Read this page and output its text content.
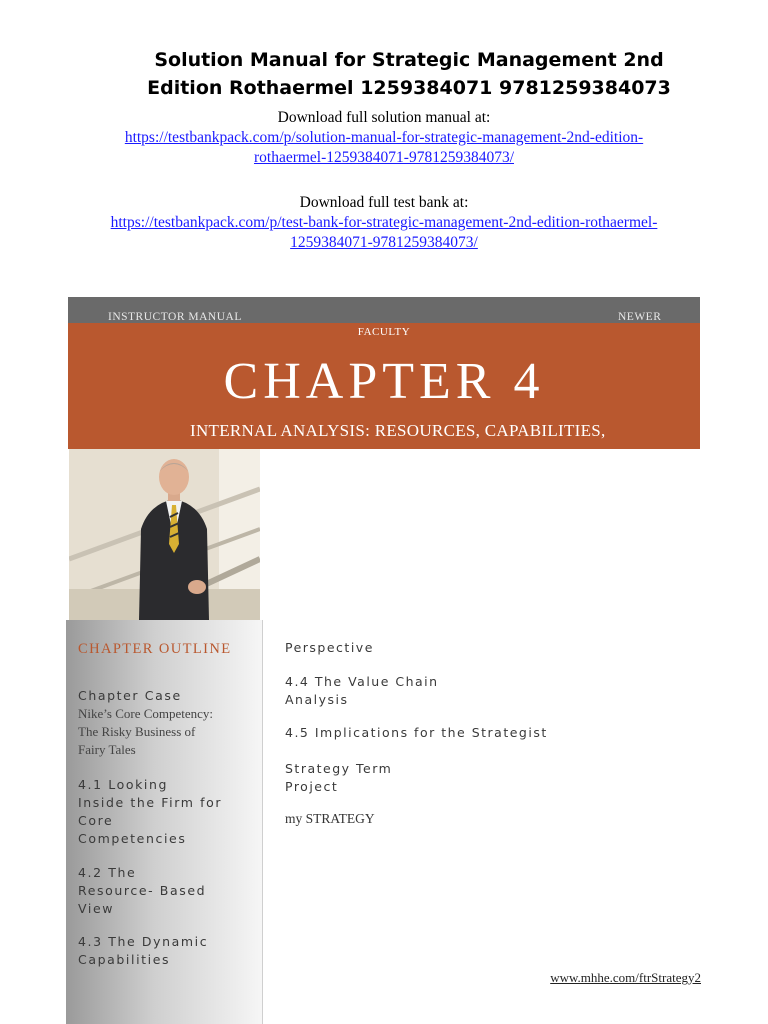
Solution Manual for Strategic Management 2nd
Edition Rothaermel 1259384071 9781259384073
Download full solution manual at:
https://testbankpack.com/p/solution-manual-for-strategic-management-2nd-edition-
rothaermel-1259384071-9781259384073/
Download full test bank at:
https://testbankpack.com/p/test-bank-for-strategic-management-2nd-edition-rothaermel-
1259384071-9781259384073/
INSTRUCTOR MANUAL	NEWER
FACULTY
CHAPTER 4
INTERNAL ANALYSIS: RESOURCES, CAPABILITIES,
CHAPTER OUTLINE
Chapter Case
Nike’s Core Competency:
The Risky Business of
Fairy Tales
4.1 Looking
Inside the Firm for
Core
Competencies
4.2 The
Resource- Based
View
4.3 The Dynamic
Capabilities
Perspective
4.4 The Value Chain
Analysis
4.5 Implications for the Strategist
Strategy Term
Project
my STRATEGY
www.mhhe.com/ftrStrategy2
